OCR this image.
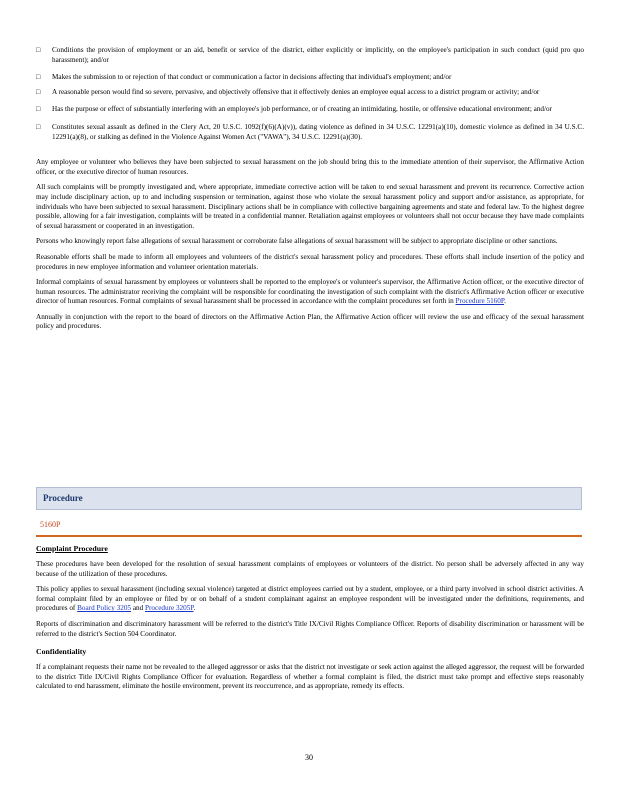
□	Conditions the provision of employment or an aid, benefit or service of the district, either explicitly or implicitly, on the employee's participation in such conduct (quid pro quo harassment); and/or
□	Makes the submission to or rejection of that conduct or communication a factor in decisions affecting that individual's employment; and/or
□	A reasonable person would find so severe, pervasive, and objectively offensive that it effectively denies an employee equal access to a district program or activity; and/or
□	Has the purpose or effect of substantially interfering with an employee's job performance, or of creating an intimidating, hostile, or offensive educational environment; and/or
□	Constitutes sexual assault as defined in the Clery Act, 20 U.S.C. 1092(f)(6)(A)(v)), dating violence as defined in 34 U.S.C. 12291(a)(10), domestic violence as defined in 34 U.S.C. 12291(a)(8), or stalking as defined in the Violence Against Women Act ("VAWA"), 34 U.S.C. 12291(a)(30).

Any employee or volunteer who believes they have been subjected to sexual harassment on the job should bring this to the immediate attention of their supervisor, the Affirmative Action officer, or the executive director of human resources.

All such complaints will be promptly investigated and, where appropriate, immediate corrective action will be taken to end sexual harassment and prevent its recurrence. Corrective action may include disciplinary action, up to and including suspension or termination, against those who violate the sexual harassment policy and support and/or assistance, as appropriate, for individuals who have been subjected to sexual harassment. Disciplinary actions shall be in compliance with collective bargaining agreements and state and federal law. To the highest degree possible, allowing for a fair investigation, complaints will be treated in a confidential manner. Retaliation against employees or volunteers shall not occur because they have made complaints of sexual harassment or cooperated in an investigation.

Persons who knowingly report false allegations of sexual harassment or corroborate false allegations of sexual harassment will be subject to appropriate discipline or other sanctions.

Reasonable efforts shall be made to inform all employees and volunteers of the district's sexual harassment policy and procedures. These efforts shall include insertion of the policy and procedures in new employee information and volunteer orientation materials.

Informal complaints of sexual harassment by employees or volunteers shall be reported to the employee's or volunteer's supervisor, the Affirmative Action officer, or the executive director of human resources. The administrator receiving the complaint will be responsible for coordinating the investigation of such complaint with the district's Affirmative Action officer or executive director of human resources. Formal complaints of sexual harassment shall be processed in accordance with the complaint procedures set forth in Procedure 5160P.

Annually in conjunction with the report to the board of directors on the Affirmative Action Plan, the Affirmative Action officer will review the use and efficacy of the sexual harassment policy and procedures.

Procedure
5160P
Complaint Procedure

These procedures have been developed for the resolution of sexual harassment complaints of employees or volunteers of the district. No person shall be adversely affected in any way because of the utilization of these procedures.

This policy applies to sexual harassment (including sexual violence) targeted at district employees carried out by a student, employee, or a third party involved in school district activities. A formal complaint filed by an employee or filed by or on behalf of a student complainant against an employee respondent will be investigated under the definitions, requirements, and procedures of Board Policy 3205 and Procedure 3205P.

Reports of discrimination and discriminatory harassment will be referred to the district's Title IX/Civil Rights Compliance Officer. Reports of disability discrimination or harassment will be referred to the district's Section 504 Coordinator.

Confidentiality

If a complainant requests their name not be revealed to the alleged aggressor or asks that the district not investigate or seek action against the alleged aggressor, the request will be forwarded to the district Title IX/Civil Rights Compliance Officer for evaluation. Regardless of whether a formal complaint is filed, the district must take prompt and effective steps reasonably calculated to end harassment, eliminate the hostile environment, prevent its reoccurrence, and as appropriate, remedy its effects.

30
